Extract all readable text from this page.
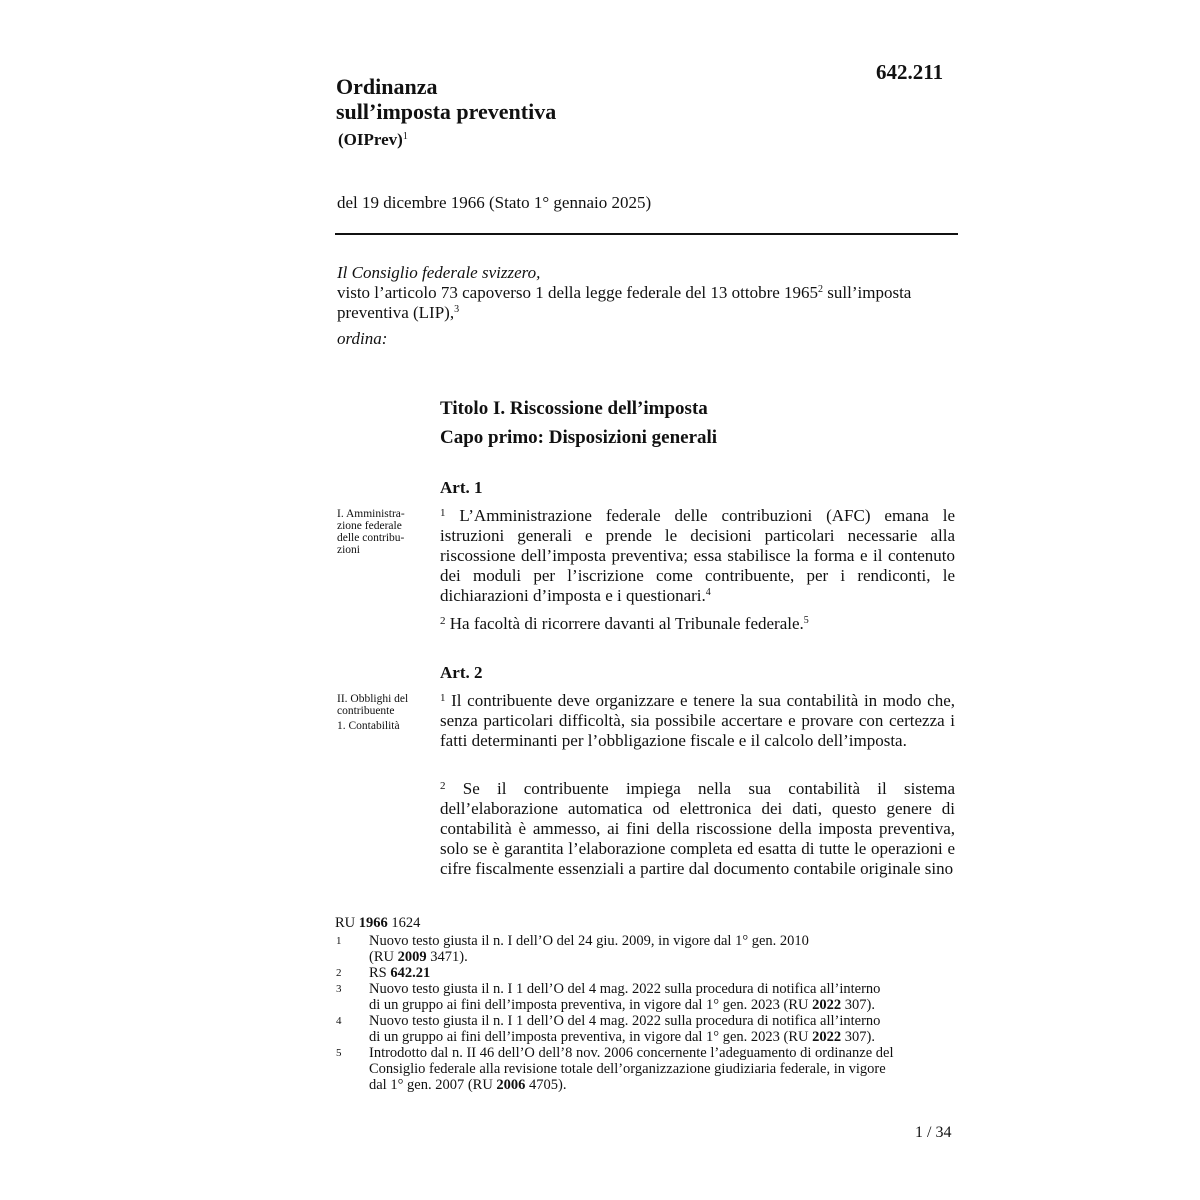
642.211
Ordinanza
sull’imposta preventiva
(OIPrev)$^1$
del 19 dicembre 1966 (Stato 1° gennaio 2025)

Il Consiglio federale svizzero,

visto l’articolo 73 capoverso 1 della legge federale del 13 ottobre 1965$^2$ sull’imposta preventiva (LIP),$^3$

ordina:

Titolo I. Riscossione dell’imposta
Capo primo: Disposizioni generali
Art. 1
I. Amministra-
zione federale
delle contribu-
zioni

$^1$ L’Amministrazione federale delle contribuzioni (AFC) emana le istruzioni generali e prende le decisioni particolari necessarie alla riscossione dell’imposta preventiva; essa stabilisce la forma e il contenuto dei moduli per l’iscrizione come contribuente, per i rendiconti, le dichiarazioni d’imposta e i questionari.$^4$

$^2$ Ha facoltà di ricorrere davanti al Tribunale federale.$^5$

Art. 2
II. Obblighi del
contribuente
1. Contabilità

$^1$ Il contribuente deve organizzare e tenere la sua contabilità in modo che, senza particolari difficoltà, sia possibile accertare e provare con certezza i fatti determinanti per l’obbligazione fiscale e il calcolo dell’imposta.

$^2$ Se il contribuente impiega nella sua contabilità il sistema dell’elaborazione automatica od elettronica dei dati, questo genere di contabilità è ammesso, ai fini della riscossione della imposta preventiva, solo se è garantita l’elaborazione completa ed esatta di tutte le operazioni e cifre fiscalmente essenziali a partire dal documento contabile originale sino

RU 1966 1624
1 Nuovo testo giusta il n. I dell’O del 24 giu. 2009, in vigore dal 1° gen. 2010
(RU 2009 3471).
2 RS 642.21
3 Nuovo testo giusta il n. I 1 dell’O del 4 mag. 2022 sulla procedura di notifica all’interno
di un gruppo ai fini dell’imposta preventiva, in vigore dal 1° gen. 2023 (RU 2022 307).
4 Nuovo testo giusta il n. I 1 dell’O del 4 mag. 2022 sulla procedura di notifica all’interno
di un gruppo ai fini dell’imposta preventiva, in vigore dal 1° gen. 2023 (RU 2022 307).
5 Introdotto dal n. II 46 dell’O dell’8 nov. 2006 concernente l’adeguamento di ordinanze del
Consiglio federale alla revisione totale dell’organizzazione giudiziaria federale, in vigore
dal 1° gen. 2007 (RU 2006 4705).
1 / 34
